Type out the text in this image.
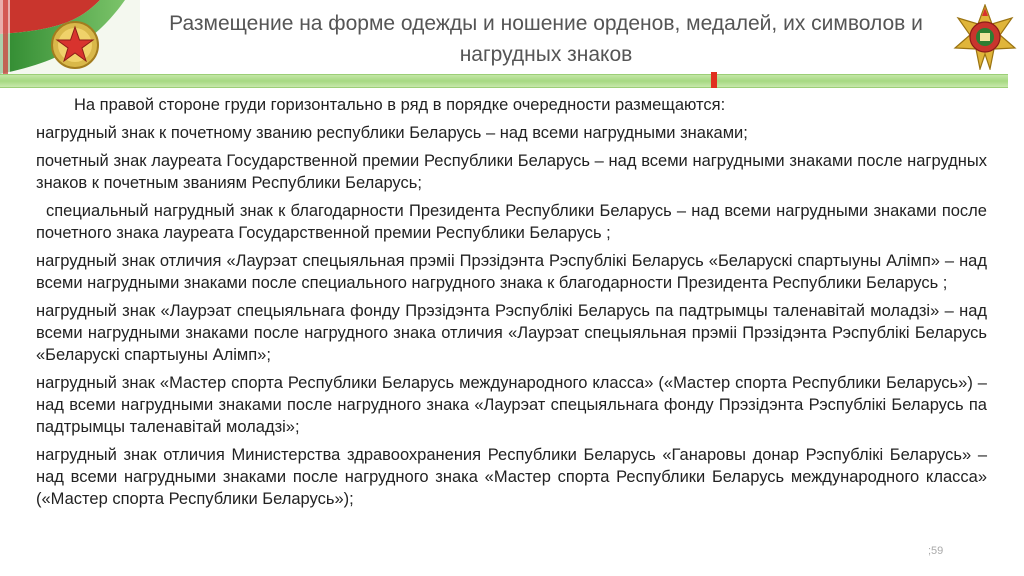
Размещение на форме одежды и ношение орденов, медалей, их символов и
нагрудных знаков

На правой стороне груди горизонтально в ряд в порядке очередности размещаются:

нагрудный знак к почетному званию республики Беларусь – над всеми нагрудными знаками;

почетный знак лауреата Государственной премии Республики Беларусь – над всеми нагрудными знаками после нагрудных знаков к почетным званиям Республики Беларусь;

специальный нагрудный знак к благодарности Президента Республики Беларусь – над всеми нагрудными знаками после почетного знака лауреата Государственной премии Республики Беларусь ;

нагрудный знак отличия «Лаурэат спецыяльная прэміі Прэзідэнта Рэспублікі Беларусь «Беларускі спартыуны Алімп» – над всеми нагрудными знаками после специального нагрудного знака к благодарности Президента Республики Беларусь ;

нагрудный знак «Лаурэат спецыяльнага фонду Прэзідэнта Рэспублікі Беларусь па падтрымцы таленавітай моладзі» – над всеми нагрудными знаками после нагрудного знака отличия «Лаурэат спецыяльная прэміі Прэзідэнта Рэспублікі Беларусь «Беларускі спартыуны Алімп»;

нагрудный знак «Мастер спорта Республики Беларусь международного класса» («Мастер спорта Республики Беларусь») – над всеми нагрудными знаками после нагрудного знака «Лаурэат спецыяльнага фонду Прэзідэнта Рэспублікі Беларусь па падтрымцы таленавітай моладзі»;

нагрудный знак отличия Министерства здравоохранения Республики Беларусь «Ганаровы донар Рэспублікі Беларусь» – над всеми нагрудными знаками после нагрудного знака «Мастер спорта Республики Беларусь международного класса» («Мастер спорта Республики Беларусь»);

;59
